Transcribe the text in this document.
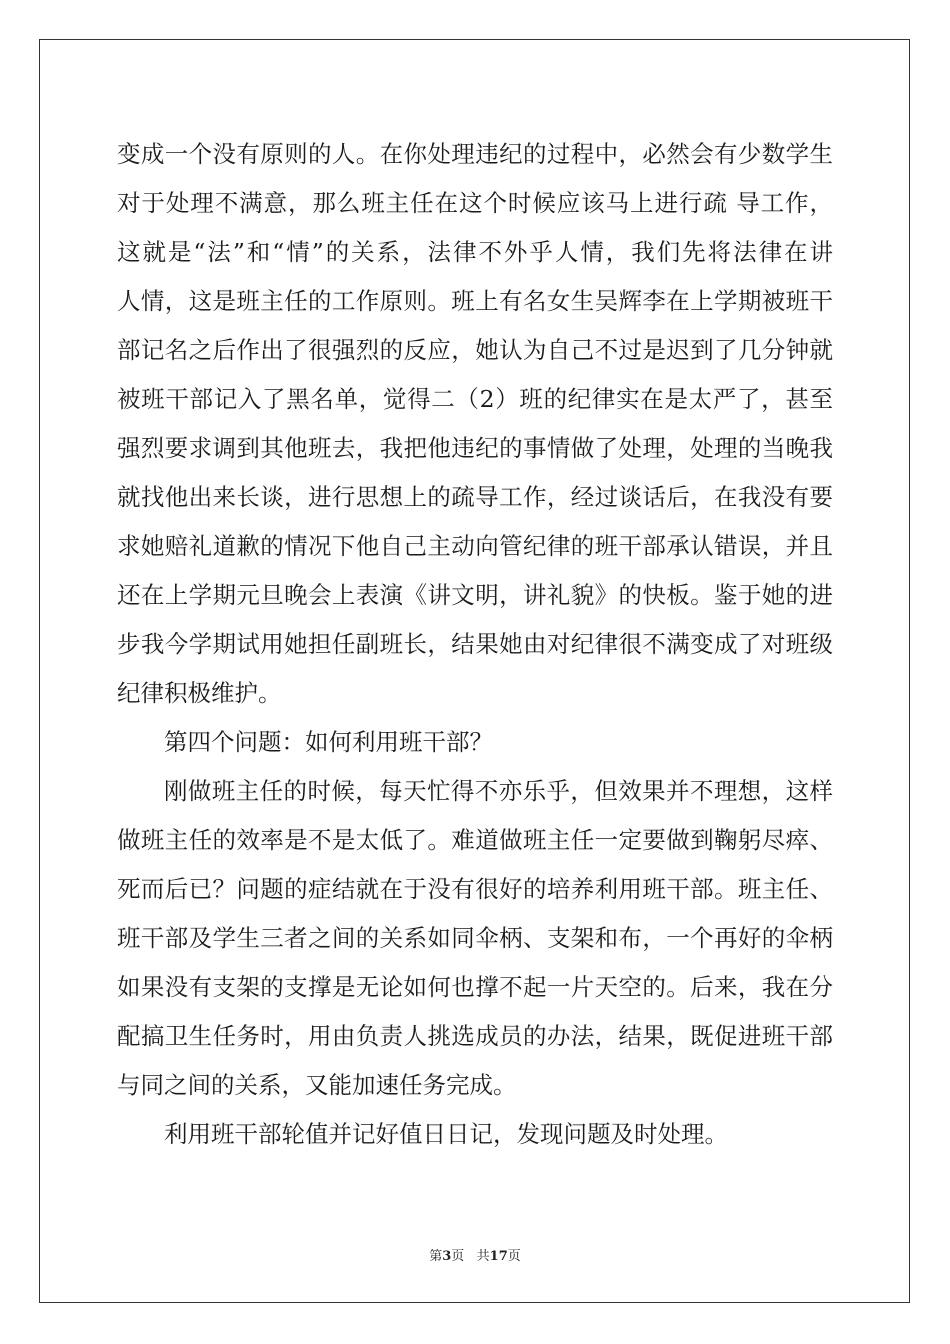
变成一个没有原则的人。在你处理违纪的过程中，必然会有少数学生
对于处理不满意，那么班主任在这个时候应该马上进行疏 导工作，
这就是“法”和“情”的关系，法律不外乎人情，我们先将法律在讲
人情，这是班主任的工作原则。班上有名女生吴辉李在上学期被班干
部记名之后作出了很强烈的反应，她认为自己不过是迟到了几分钟就
被班干部记入了黑名单，觉得二（2）班的纪律实在是太严了，甚至
强烈要求调到其他班去，我把他违纪的事情做了处理，处理的当晚我
就找他出来长谈，进行思想上的疏导工作，经过谈话后，在我没有要
求她赔礼道歉的情况下他自己主动向管纪律的班干部承认错误，并且
还在上学期元旦晚会上表演《讲文明，讲礼貌》的快板。鉴于她的进
步我今学期试用她担任副班长，结果她由对纪律很不满变成了对班级
纪律积极维护。
第四个问题：如何利用班干部？
刚做班主任的时候，每天忙得不亦乐乎，但效果并不理想，这样
做班主任的效率是不是太低了。难道做班主任一定要做到鞠躬尽瘁、
死而后已？问题的症结就在于没有很好的培养利用班干部。班主任、
班干部及学生三者之间的关系如同伞柄、支架和布，一个再好的伞柄
如果没有支架的支撑是无论如何也撑不起一片天空的。后来，我在分
配搞卫生任务时，用由负责人挑选成员的办法，结果，既促进班干部
与同之间的关系，又能加速任务完成。
利用班干部轮值并记好值日日记，发现问题及时处理。
第3页   共17页
